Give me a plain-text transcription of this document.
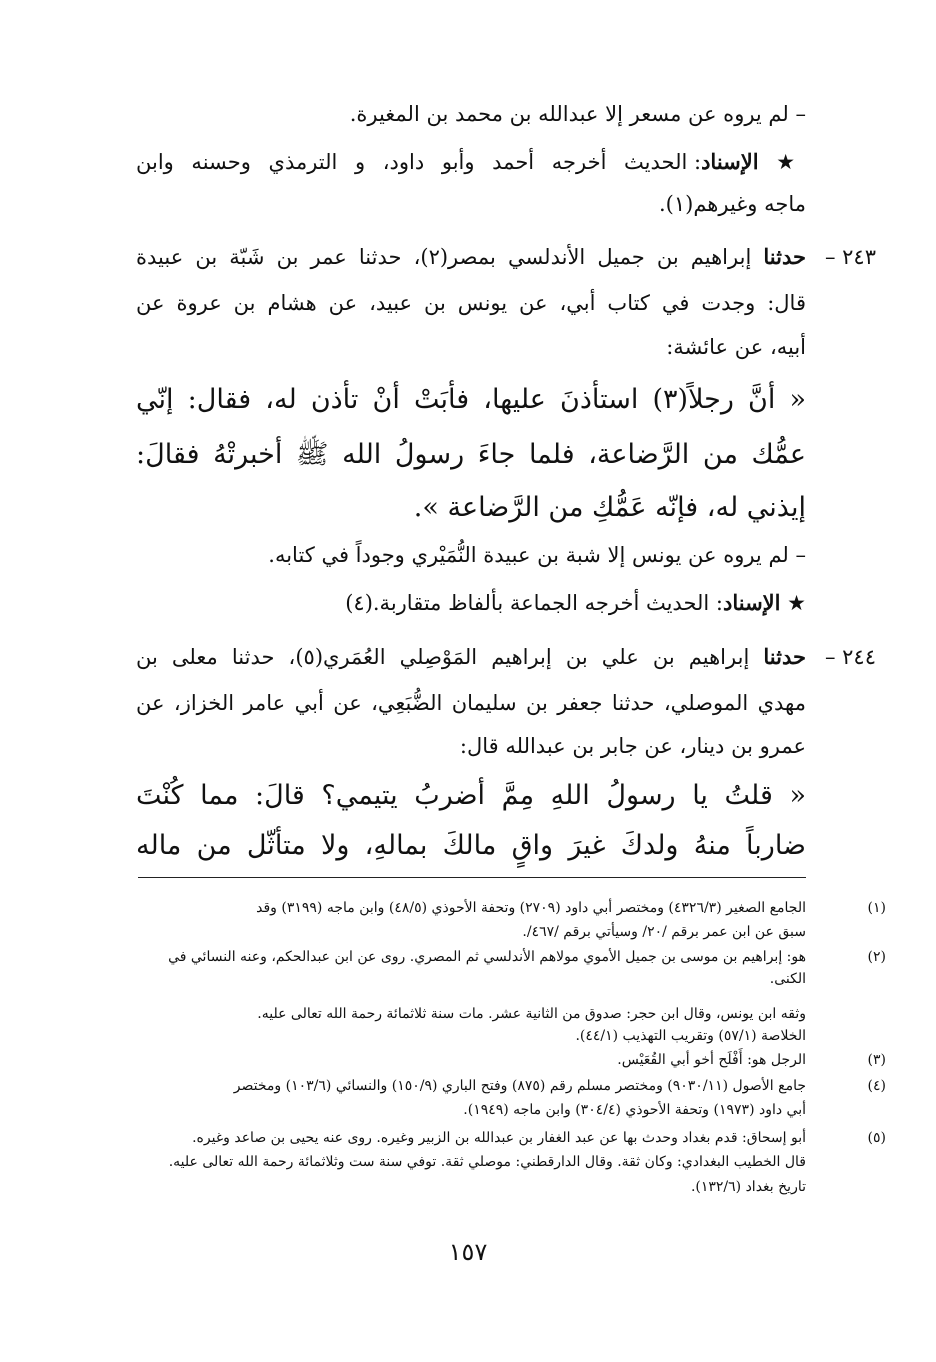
– لم يروه عن مسعر إلا عبدالله بن محمد بن المغيرة.
★ الإسناد: الحديث أخرجه أحمد وأبو داود، و الترمذي وحسنه وابن
ماجه وغيرهم(١).
٢٤٣ –
حدثنا إبراهيم بن جميل الأندلسي بمصر(٢)، حدثنا عمر بن شَبّة بن عبيدة
قال: وجدت في كتاب أبي، عن يونس بن عبيد، عن هشام بن عروة عن
أبيه، عن عائشة:
« أنَّ رجلاً(٣) استأذنَ عليها، فأبَتْ أنْ تأذن له، فقال: إنّي
عمُّك من الرَّضاعة، فلما جاءَ رسولُ الله ﷺ أخبرتْهُ فقالَ:
إيذني له، فإنّه عَمُّكِ من الرَّضاعة ».
– لم يروه عن يونس إلا شبة بن عبيدة النُّمَيْري وجوداً في كتابه.
★ الإسناد: الحديث أخرجه الجماعة بألفاظ متقاربة.(٤)
٢٤٤ –
حدثنا إبراهيم بن علي بن إبراهيم المَوْصِلي العُمَري(٥)، حدثنا معلى بن
مهدي الموصلي، حدثنا جعفر بن سليمان الضُّبَعِي، عن أبي عامر الخزاز، عن
عمرو بن دينار، عن جابر بن عبدالله قال:
« قلتُ يا رسولُ اللهِ مِمَّ أضربُ يتيمي؟ قالَ: مما كُنْتَ
ضارباً منهُ ولدكَ غيرَ واقٍ مالكَ بمالهِ، ولا متأثّل من ماله
(١)
الجامع الصغير (٤٣٢٦/٣) ومختصر أبي داود (٢٧٠٩) وتحفة الأحوذي (٤٨/٥) وابن ماجه (٣١٩٩) وقد
سبق عن ابن عمر برقم /٢٠/ وسيأتي برقم /٤٦٧/.
(٢)
هو: إبراهيم بن موسى بن جميل الأموي مولاهم الأندلسي ثم المصري. روى عن ابن عبدالحكم، وعنه النسائي في
الكنى.
وثقه ابن يونس، وقال ابن حجر: صدوق من الثانية عشر. مات سنة ثلاثمائة رحمة الله تعالى عليه.
الخلاصة (٥٧/١) وتقريب التهذيب (٤٤/١).
(٣)
الرجل هو: أَفْلَح أخو أبي القُعَيْس.
(٤)
جامع الأصول (٩٠٣٠/١١) ومختصر مسلم رقم (٨٧٥) وفتح الباري (١٥٠/٩) والنسائي (١٠٣/٦) ومختصر
أبي داود (١٩٧٣) وتحفة الأحوذي (٣٠٤/٤) وابن ماجه (١٩٤٩).
(٥)
أبو إسحاق: قدم بغداد وحدث بها عن عبد الغفار بن عبدالله بن الزبير وغيره. روى عنه يحيى بن صاعد وغيره.
قال الخطيب البغدادي: وكان ثقة. وقال الدارقطني: موصلي ثقة. توفي سنة ست وثلاثمائة رحمة الله تعالى عليه.
تاريخ بغداد (١٣٢/٦).
١٥٧
